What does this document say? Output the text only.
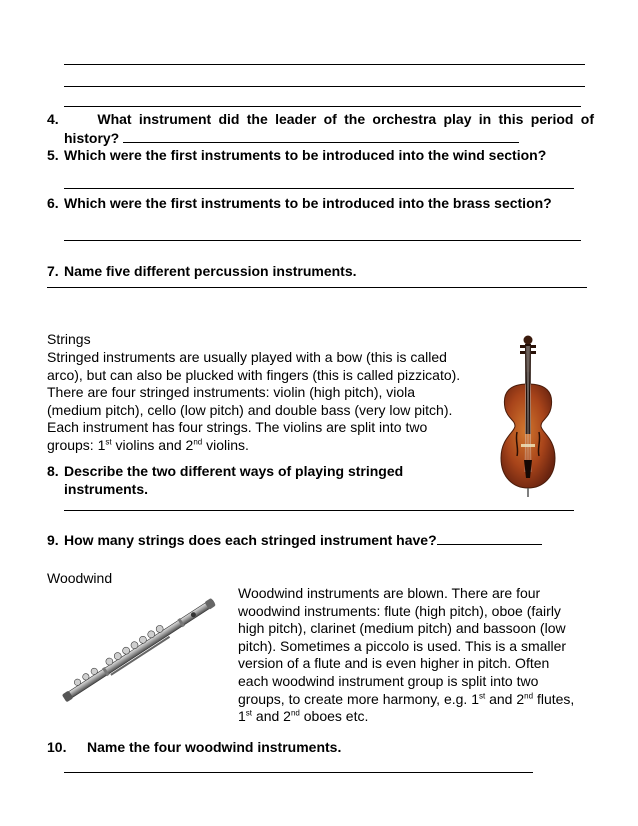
4.	What instrument did the leader of the orchestra play in this period of
history?
5. Which were the first instruments to be introduced into the wind section?
6. Which were the first instruments to be introduced into the brass section?
7. Name five different percussion instruments.
Strings
Stringed instruments are usually played with a bow (this is called
arco), but can also be plucked with fingers (this is called pizzicato).
There are four stringed instruments: violin (high pitch), viola
(medium pitch), cello (low pitch) and double bass (very low pitch).
Each instrument has four strings. The violins are split into two
groups: 1st violins and 2nd violins.
8. Describe the two different ways of playing stringed
instruments.
9. How many strings does each stringed instrument have?
Woodwind
Woodwind instruments are blown. There are four
woodwind instruments: flute (high pitch), oboe (fairly
high pitch), clarinet (medium pitch) and bassoon (low
pitch). Sometimes a piccolo is used. This is a smaller
version of a flute and is even higher in pitch. Often
each woodwind instrument group is split into two
groups, to create more harmony, e.g. 1st and 2nd flutes,
1st and 2nd oboes etc.
10. Name the four woodwind instruments.
